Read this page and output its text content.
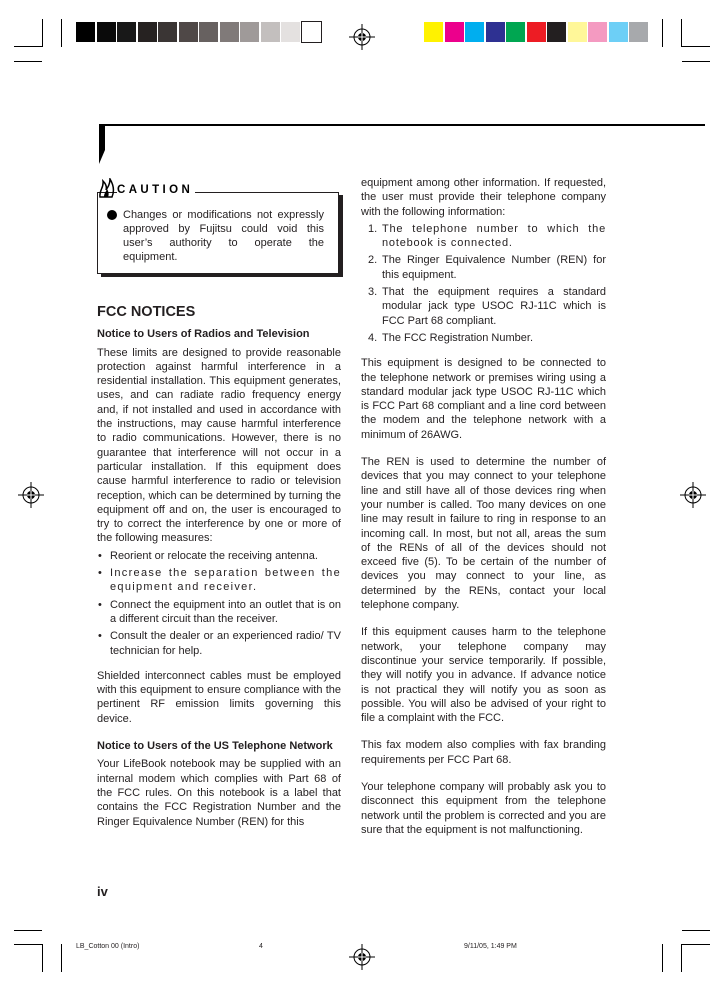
CAUTION
Changes or modifications not expressly approved by Fujitsu could void this user’s authority to operate the equipment.
FCC NOTICES
Notice to Users of Radios and Television

These limits are designed to provide reasonable protection against harmful interference in a residential installation. This equipment generates, uses, and can radiate radio frequency energy and, if not installed and used in accordance with the instructions, may cause harmful interference to radio communications. However, there is no guarantee that interference will not occur in a particular installation. If this equipment does cause harmful interference to radio or television reception, which can be determined by turning the equipment off and on, the user is encouraged to try to correct the interference by one or more of the following measures:

• Reorient or relocate the receiving antenna.
• Increase the separation between the equipment and receiver.
• Connect the equipment into an outlet that is on a different circuit than the receiver.
• Consult the dealer or an experienced radio/ TV technician for help.

Shielded interconnect cables must be employed with this equipment to ensure compliance with the pertinent RF emission limits governing this device.

Notice to Users of the US Telephone Network

Your LifeBook notebook may be supplied with an internal modem which complies with Part 68 of the FCC rules. On this notebook is a label that contains the FCC Registration Number and the Ringer Equivalence Number (REN) for this

equipment among other information. If requested, the user must provide their telephone company with the following information:

1. The telephone number to which the notebook is connected.
2. The Ringer Equivalence Number (REN) for this equipment.
3. That the equipment requires a standard modular jack type USOC RJ-11C which is FCC Part 68 compliant.
4. The FCC Registration Number.

This equipment is designed to be connected to the telephone network or premises wiring using a standard modular jack type USOC RJ-11C which is FCC Part 68 compliant and a line cord between the modem and the telephone network with a minimum of 26AWG.

The REN is used to determine the number of devices that you may connect to your telephone line and still have all of those devices ring when your number is called. Too many devices on one line may result in failure to ring in response to an incoming call. In most, but not all, areas the sum of the RENs of all of the devices should not exceed five (5). To be certain of the number of devices you may connect to your line, as determined by the RENs, contact your local telephone company.

If this equipment causes harm to the telephone network, your telephone company may discontinue your service temporarily. If possible, they will notify you in advance. If advance notice is not practical they will notify you as soon as possible. You will also be advised of your right to file a complaint with the FCC.

This fax modem also complies with fax branding requirements per FCC Part 68.

Your telephone company will probably ask you to disconnect this equipment from the telephone network until the problem is corrected and you are sure that the equipment is not malfunctioning.

iv
LB_Cotton 00 (Intro)	4	9/11/05, 1:49 PM
